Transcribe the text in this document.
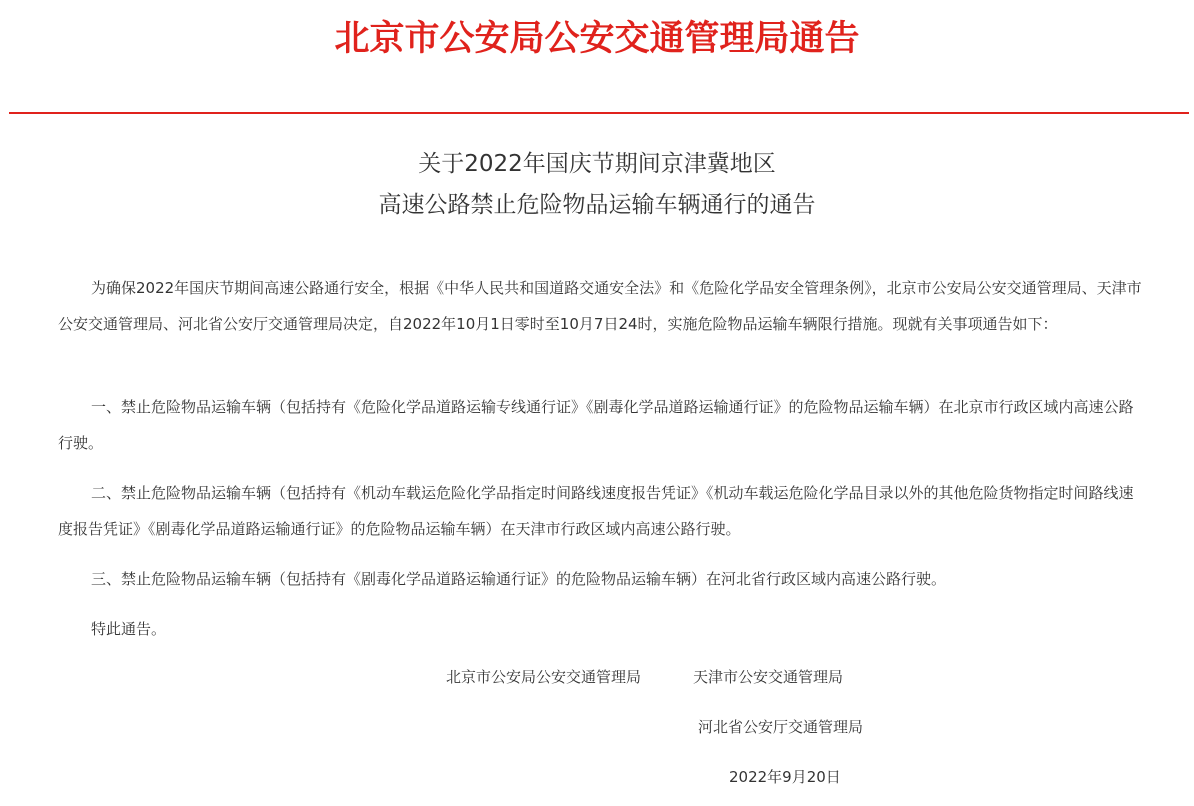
北京市公安局公安交通管理局通告
关于2022年国庆节期间京津冀地区
高速公路禁止危险物品运输车辆通行的通告

为确保2022年国庆节期间高速公路通行安全，根据《中华人民共和国道路交通安全法》和《危险化学品安全管理条例》，北京市公安局公安交通管理局、天津市公安交通管理局、河北省公安厅交通管理局决定，自2022年10月1日零时至10月7日24时，实施危险物品运输车辆限行措施。现就有关事项通告如下：

一、禁止危险物品运输车辆（包括持有《危险化学品道路运输专线通行证》《剧毒化学品道路运输通行证》的危险物品运输车辆）在北京市行政区域内高速公路行驶。

二、禁止危险物品运输车辆（包括持有《机动车载运危险化学品指定时间路线速度报告凭证》《机动车载运危险化学品目录以外的其他危险货物指定时间路线速度报告凭证》《剧毒化学品道路运输通行证》的危险物品运输车辆）在天津市行政区域内高速公路行驶。

三、禁止危险物品运输车辆（包括持有《剧毒化学品道路运输通行证》的危险物品运输车辆）在河北省行政区域内高速公路行驶。

特此通告。

北京市公安局公安交通管理局	天津市公安交通管理局
河北省公安厅交通管理局
2022年9月20日
